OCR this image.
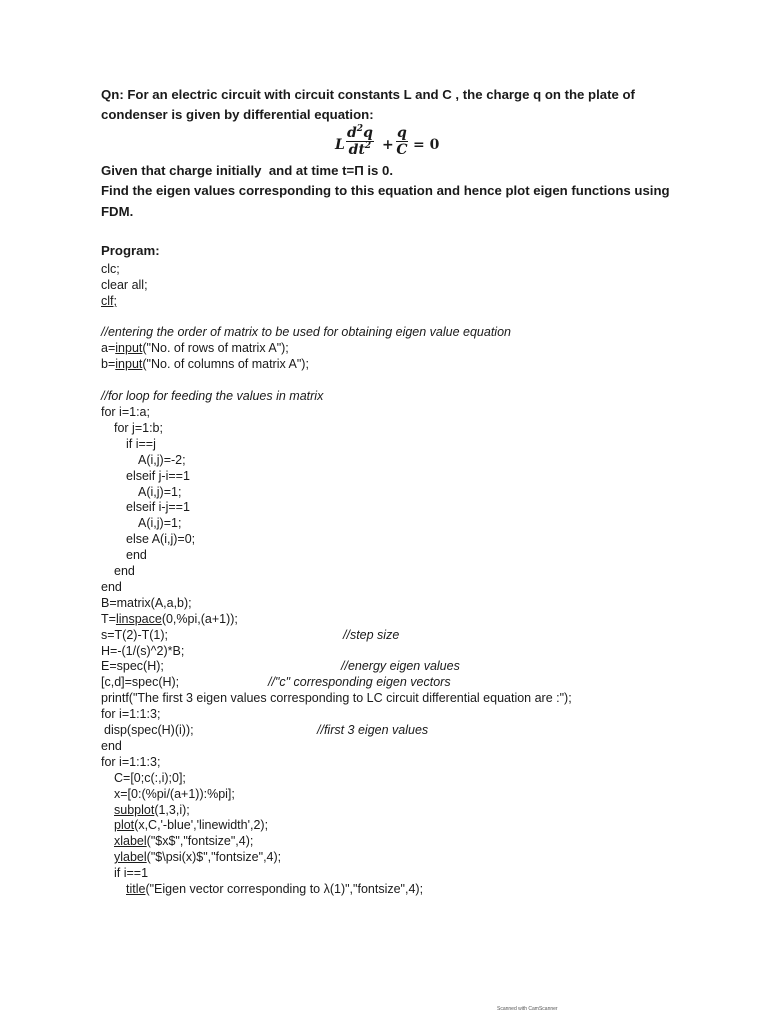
Qn: For an electric circuit with circuit constants L and C , the charge q on the plate of
condenser is given by differential equation:
L $\frac{d^2q}{dt^2} + \frac{q}{C} = 0$
Given that charge initially  and at time t=Π is 0.
Find the eigen values corresponding to this equation and hence plot eigen functions using
FDM.
Program:
clc;
clear all;
clf;
//entering the order of matrix to be used for obtaining eigen value equation
a=input("No. of rows of matrix A");
b=input("No. of columns of matrix A");
//for loop for feeding the values in matrix
for i=1:a;
for j=1:b;
if i==j
A(i,j)=-2;
elseif j-i==1
A(i,j)=1;
elseif i-j==1
A(i,j)=1;
else A(i,j)=0;
end
end
end
B=matrix(A,a,b);
T=linspace(0,%pi,(a+1));
s=T(2)-T(1);	//step size
H=-(1/(s)^2)*B;
E=spec(H);	//energy eigen values
[c,d]=spec(H);	//"c" corresponding eigen vectors
printf("The first 3 eigen values corresponding to LC circuit differential equation are :");
for i=1:1:3;
disp(spec(H)(i));	//first 3 eigen values
end
for i=1:1:3;
C=[0;c(:,i);0];
x=[0:(%pi/(a+1)):%pi];
subplot(1,3,i);
plot(x,C,'-blue','linewidth',2);
xlabel("$x$","fontsize",4);
ylabel("$\psi(x)$","fontsize",4);
if i==1
title("Eigen vector corresponding to λ(1)","fontsize",4);
Scanned with CamScanner
